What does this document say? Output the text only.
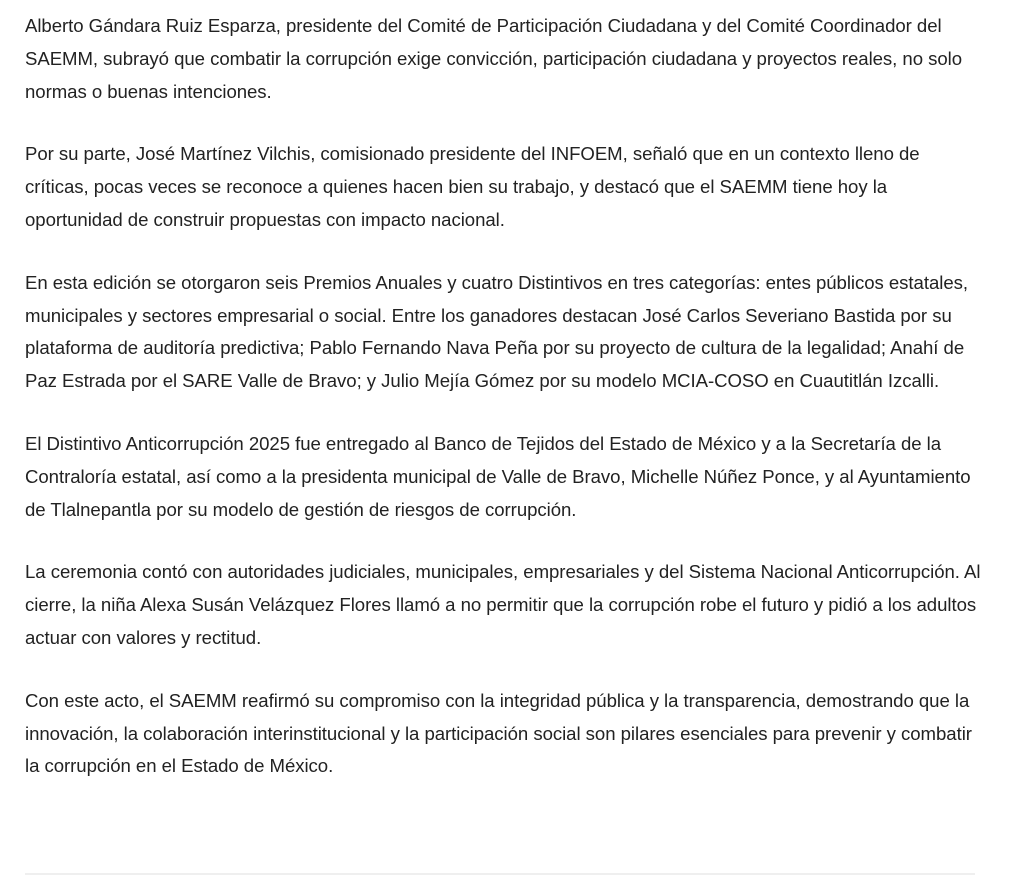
Alberto Gándara Ruiz Esparza, presidente del Comité de Participación Ciudadana y del Comité Coordinador del SAEMM, subrayó que combatir la corrupción exige convicción, participación ciudadana y proyectos reales, no solo normas o buenas intenciones.

Por su parte, José Martínez Vilchis, comisionado presidente del INFOEM, señaló que en un contexto lleno de críticas, pocas veces se reconoce a quienes hacen bien su trabajo, y destacó que el SAEMM tiene hoy la oportunidad de construir propuestas con impacto nacional.

En esta edición se otorgaron seis Premios Anuales y cuatro Distintivos en tres categorías: entes públicos estatales, municipales y sectores empresarial o social. Entre los ganadores destacan José Carlos Severiano Bastida por su plataforma de auditoría predictiva; Pablo Fernando Nava Peña por su proyecto de cultura de la legalidad; Anahí de Paz Estrada por el SARE Valle de Bravo; y Julio Mejía Gómez por su modelo MCIA-COSO en Cuautitlán Izcalli.

El Distintivo Anticorrupción 2025 fue entregado al Banco de Tejidos del Estado de México y a la Secretaría de la Contraloría estatal, así como a la presidenta municipal de Valle de Bravo, Michelle Núñez Ponce, y al Ayuntamiento de Tlalnepantla por su modelo de gestión de riesgos de corrupción.

La ceremonia contó con autoridades judiciales, municipales, empresariales y del Sistema Nacional Anticorrupción. Al cierre, la niña Alexa Susán Velázquez Flores llamó a no permitir que la corrupción robe el futuro y pidió a los adultos actuar con valores y rectitud.

Con este acto, el SAEMM reafirmó su compromiso con la integridad pública y la transparencia, demostrando que la innovación, la colaboración interinstitucional y la participación social son pilares esenciales para prevenir y combatir la corrupción en el Estado de México.
